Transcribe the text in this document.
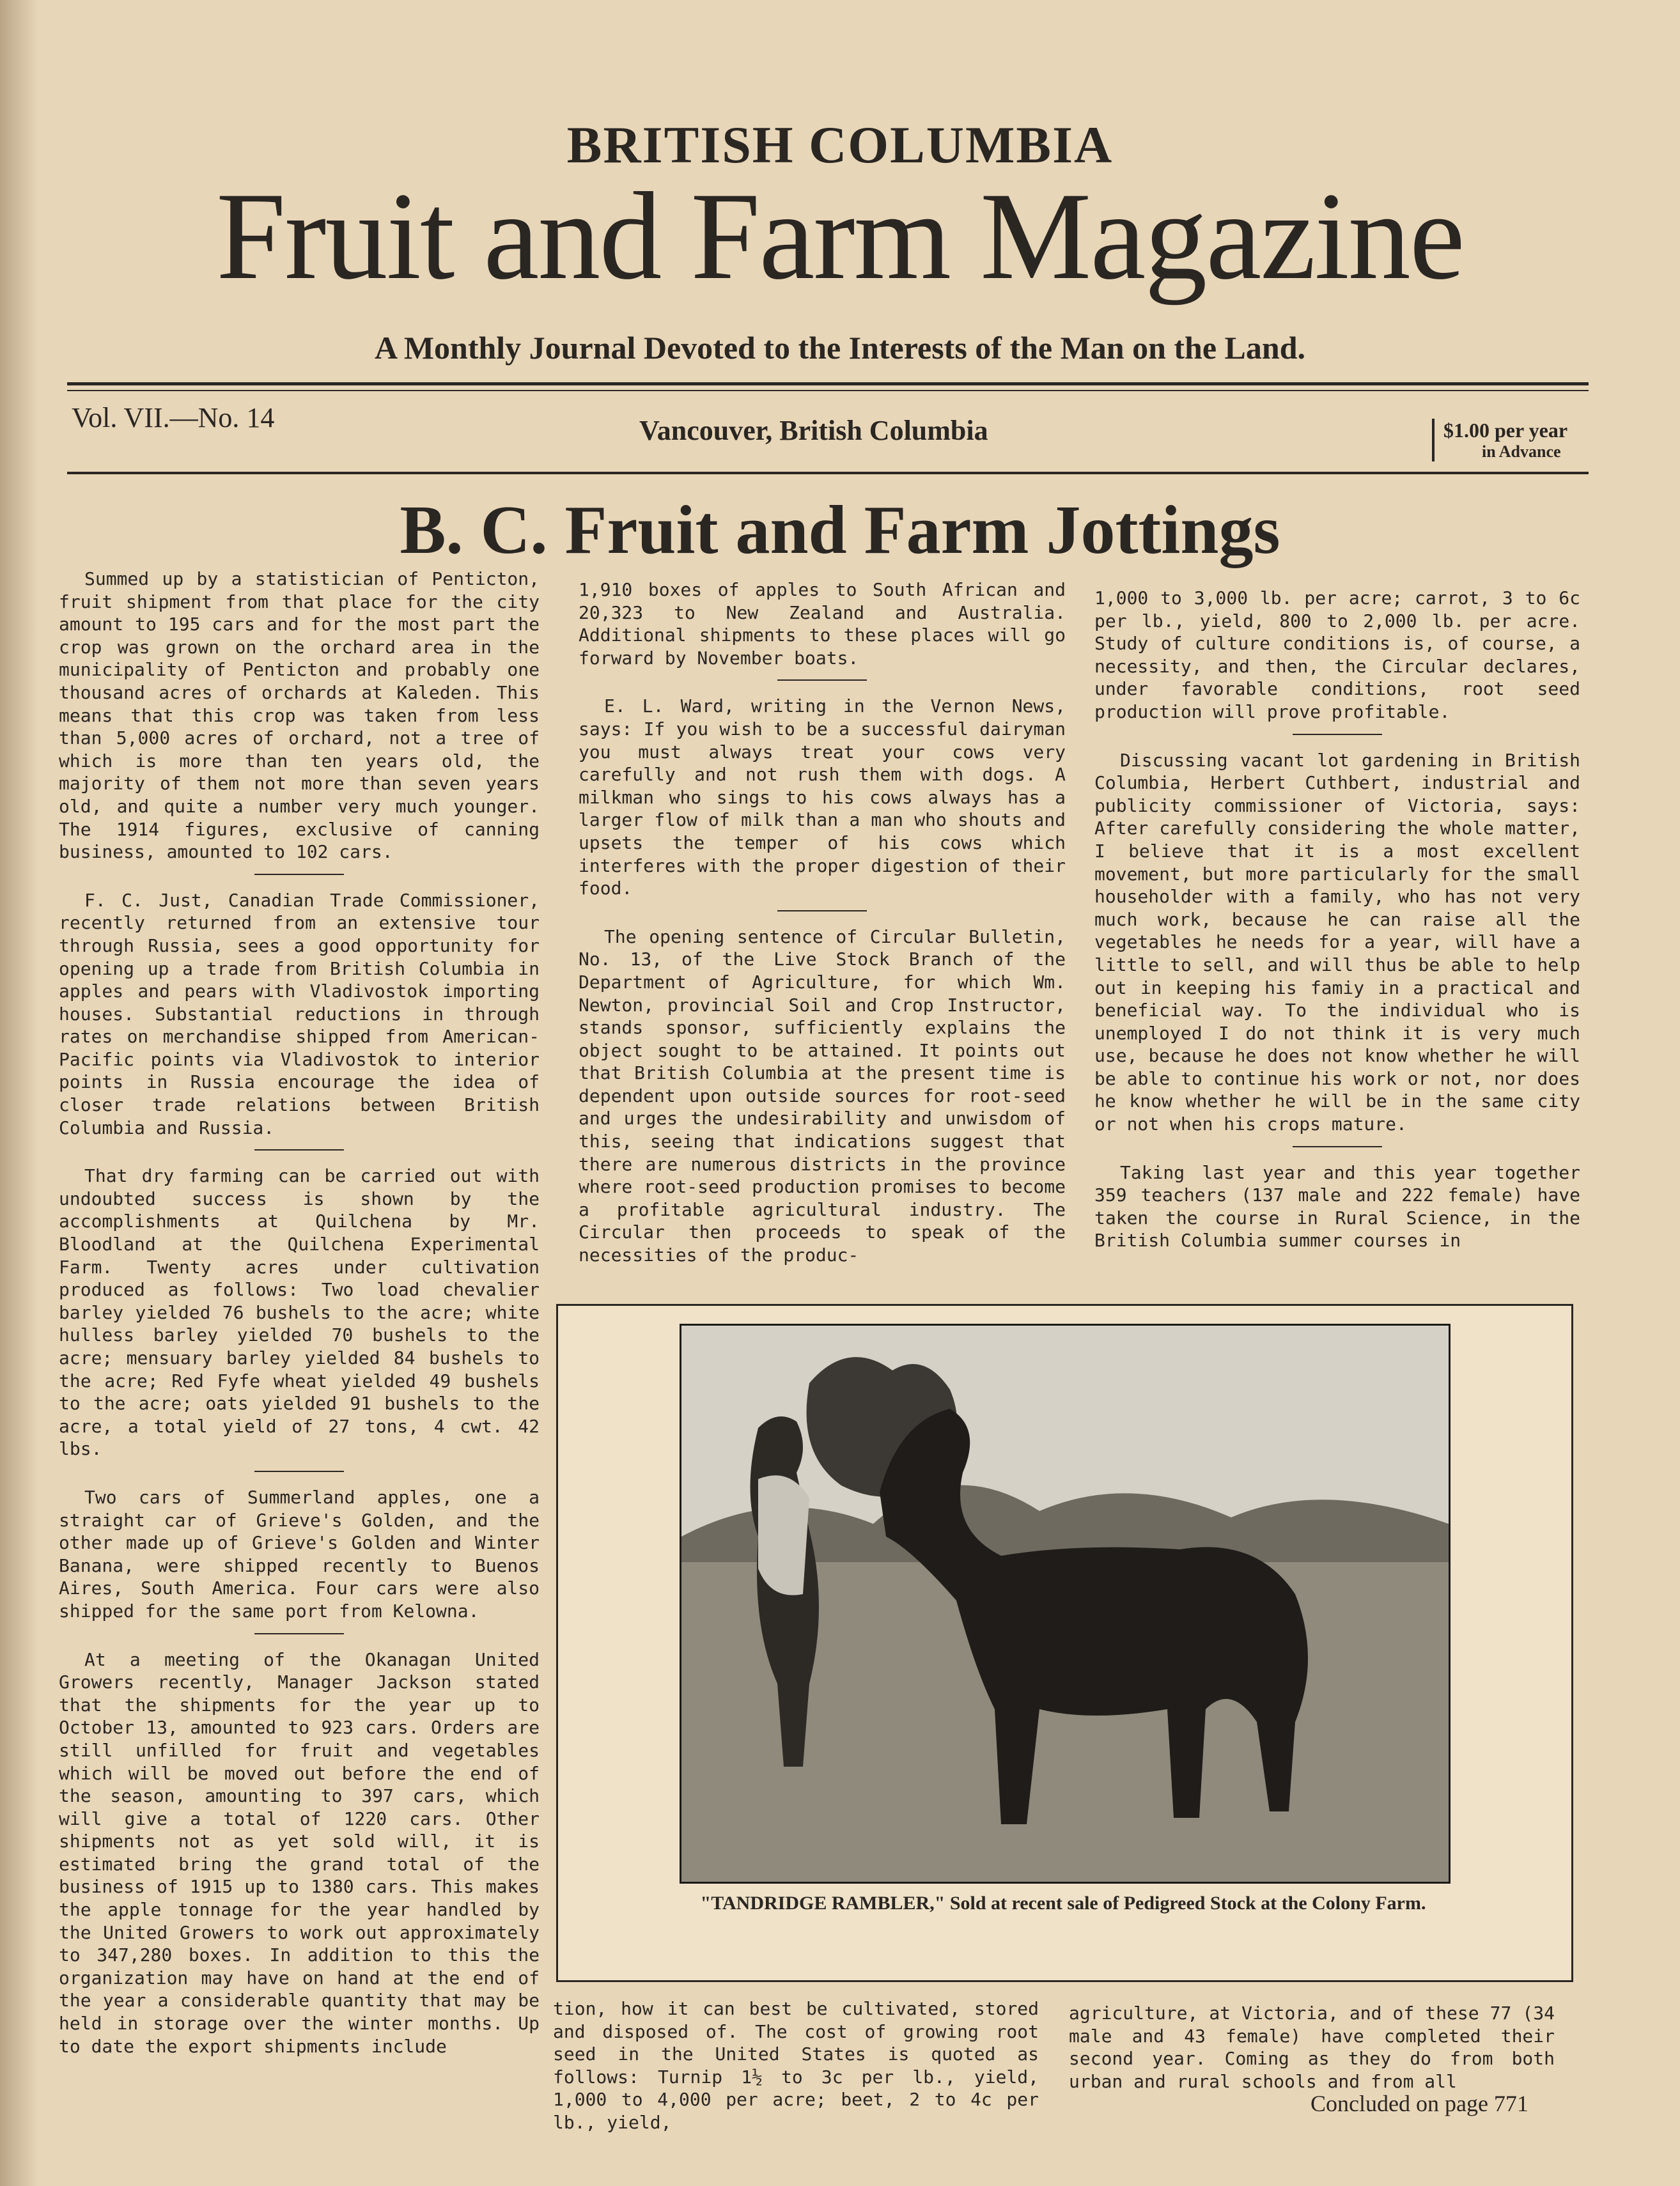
BRITISH COLUMBIA
Fruit and Farm Magazine
A Monthly Journal Devoted to the Interests of the Man on the Land.
Vol. VII.—No. 14	Vancouver, British Columbia	$1.00 per year
in Advance
B. C. Fruit and Farm Jottings

Summed up by a statistician of Penticton, fruit shipment from that place for the city amount to 195 cars and for the most part the crop was grown on the orchard area in the municipality of Penticton and probably one thousand acres of orchards at Kaleden. This means that this crop was taken from less than 5,000 acres of orchard, not a tree of which is more than ten years old, the majority of them not more than seven years old, and quite a number very much younger. The 1914 figures, exclusive of canning business, amounted to 102 cars.

F. C. Just, Canadian Trade Commissioner, recently returned from an extensive tour through Russia, sees a good opportunity for opening up a trade from British Columbia in apples and pears with Vladivostok importing houses. Substantial reductions in through rates on merchandise shipped from American-Pacific points via Vladivostok to interior points in Russia encourage the idea of closer trade relations between British Columbia and Russia.

That dry farming can be carried out with undoubted success is shown by the accomplishments at Quilchena by Mr. Bloodland at the Quilchena Experimental Farm. Twenty acres under cultivation produced as follows: Two load chevalier barley yielded 76 bushels to the acre; white hulless barley yielded 70 bushels to the acre; mensuary barley yielded 84 bushels to the acre; Red Fyfe wheat yielded 49 bushels to the acre; oats yielded 91 bushels to the acre, a total yield of 27 tons, 4 cwt. 42 lbs.

Two cars of Summerland apples, one a straight car of Grieve's Golden, and the other made up of Grieve's Golden and Winter Banana, were shipped recently to Buenos Aires, South America. Four cars were also shipped for the same port from Kelowna.

At a meeting of the Okanagan United Growers recently, Manager Jackson stated that the shipments for the year up to October 13, amounted to 923 cars. Orders are still unfilled for fruit and vegetables which will be moved out before the end of the season, amounting to 397 cars, which will give a total of 1220 cars. Other shipments not as yet sold will, it is estimated bring the grand total of the business of 1915 up to 1380 cars. This makes the apple tonnage for the year handled by the United Growers to work out approximately to 347,280 boxes. In addition to this the organization may have on hand at the end of the year a considerable quantity that may be held in storage over the winter months. Up to date the export shipments include

1,910 boxes of apples to South African and 20,323 to New Zealand and Australia. Additional shipments to these places will go forward by November boats.

E. L. Ward, writing in the Vernon News, says: If you wish to be a successful dairyman you must always treat your cows very carefully and not rush them with dogs. A milkman who sings to his cows always has a larger flow of milk than a man who shouts and upsets the temper of his cows which interferes with the proper digestion of their food.

The opening sentence of Circular Bulletin, No. 13, of the Live Stock Branch of the Department of Agriculture, for which Wm. Newton, provincial Soil and Crop Instructor, stands sponsor, sufficiently explains the object sought to be attained. It points out that British Columbia at the present time is dependent upon outside sources for root-seed and urges the undesirability and unwisdom of this, seeing that indications suggest that there are numerous districts in the province where root-seed production promises to become a profitable agricultural industry. The Circular then proceeds to speak of the necessities of the produc-

1,000 to 3,000 lb. per acre; carrot, 3 to 6c per lb., yield, 800 to 2,000 lb. per acre. Study of culture conditions is, of course, a necessity, and then, the Circular declares, under favorable conditions, root seed production will prove profitable.

Discussing vacant lot gardening in British Columbia, Herbert Cuthbert, industrial and publicity commissioner of Victoria, says: After carefully considering the whole matter, I believe that it is a most excellent movement, but more particularly for the small householder with a family, who has not very much work, because he can raise all the vegetables he needs for a year, will have a little to sell, and will thus be able to help out in keeping his famiy in a practical and beneficial way. To the individual who is unemployed I do not think it is very much use, because he does not know whether he will be able to continue his work or not, nor does he know whether he will be in the same city or not when his crops mature.

Taking last year and this year together 359 teachers (137 male and 222 female) have taken the course in Rural Science, in the British Columbia summer courses in

"TANDRIDGE RAMBLER," Sold at recent sale of Pedigreed Stock at the Colony Farm.

tion, how it can best be cultivated, stored and disposed of. The cost of growing root seed in the United States is quoted as follows: Turnip 1½ to 3c per lb., yield, 1,000 to 4,000 per acre; beet, 2 to 4c per lb., yield,

agriculture, at Victoria, and of these 77 (34 male and 43 female) have completed their second year. Coming as they do from both urban and rural schools and from all

Concluded on page 771
